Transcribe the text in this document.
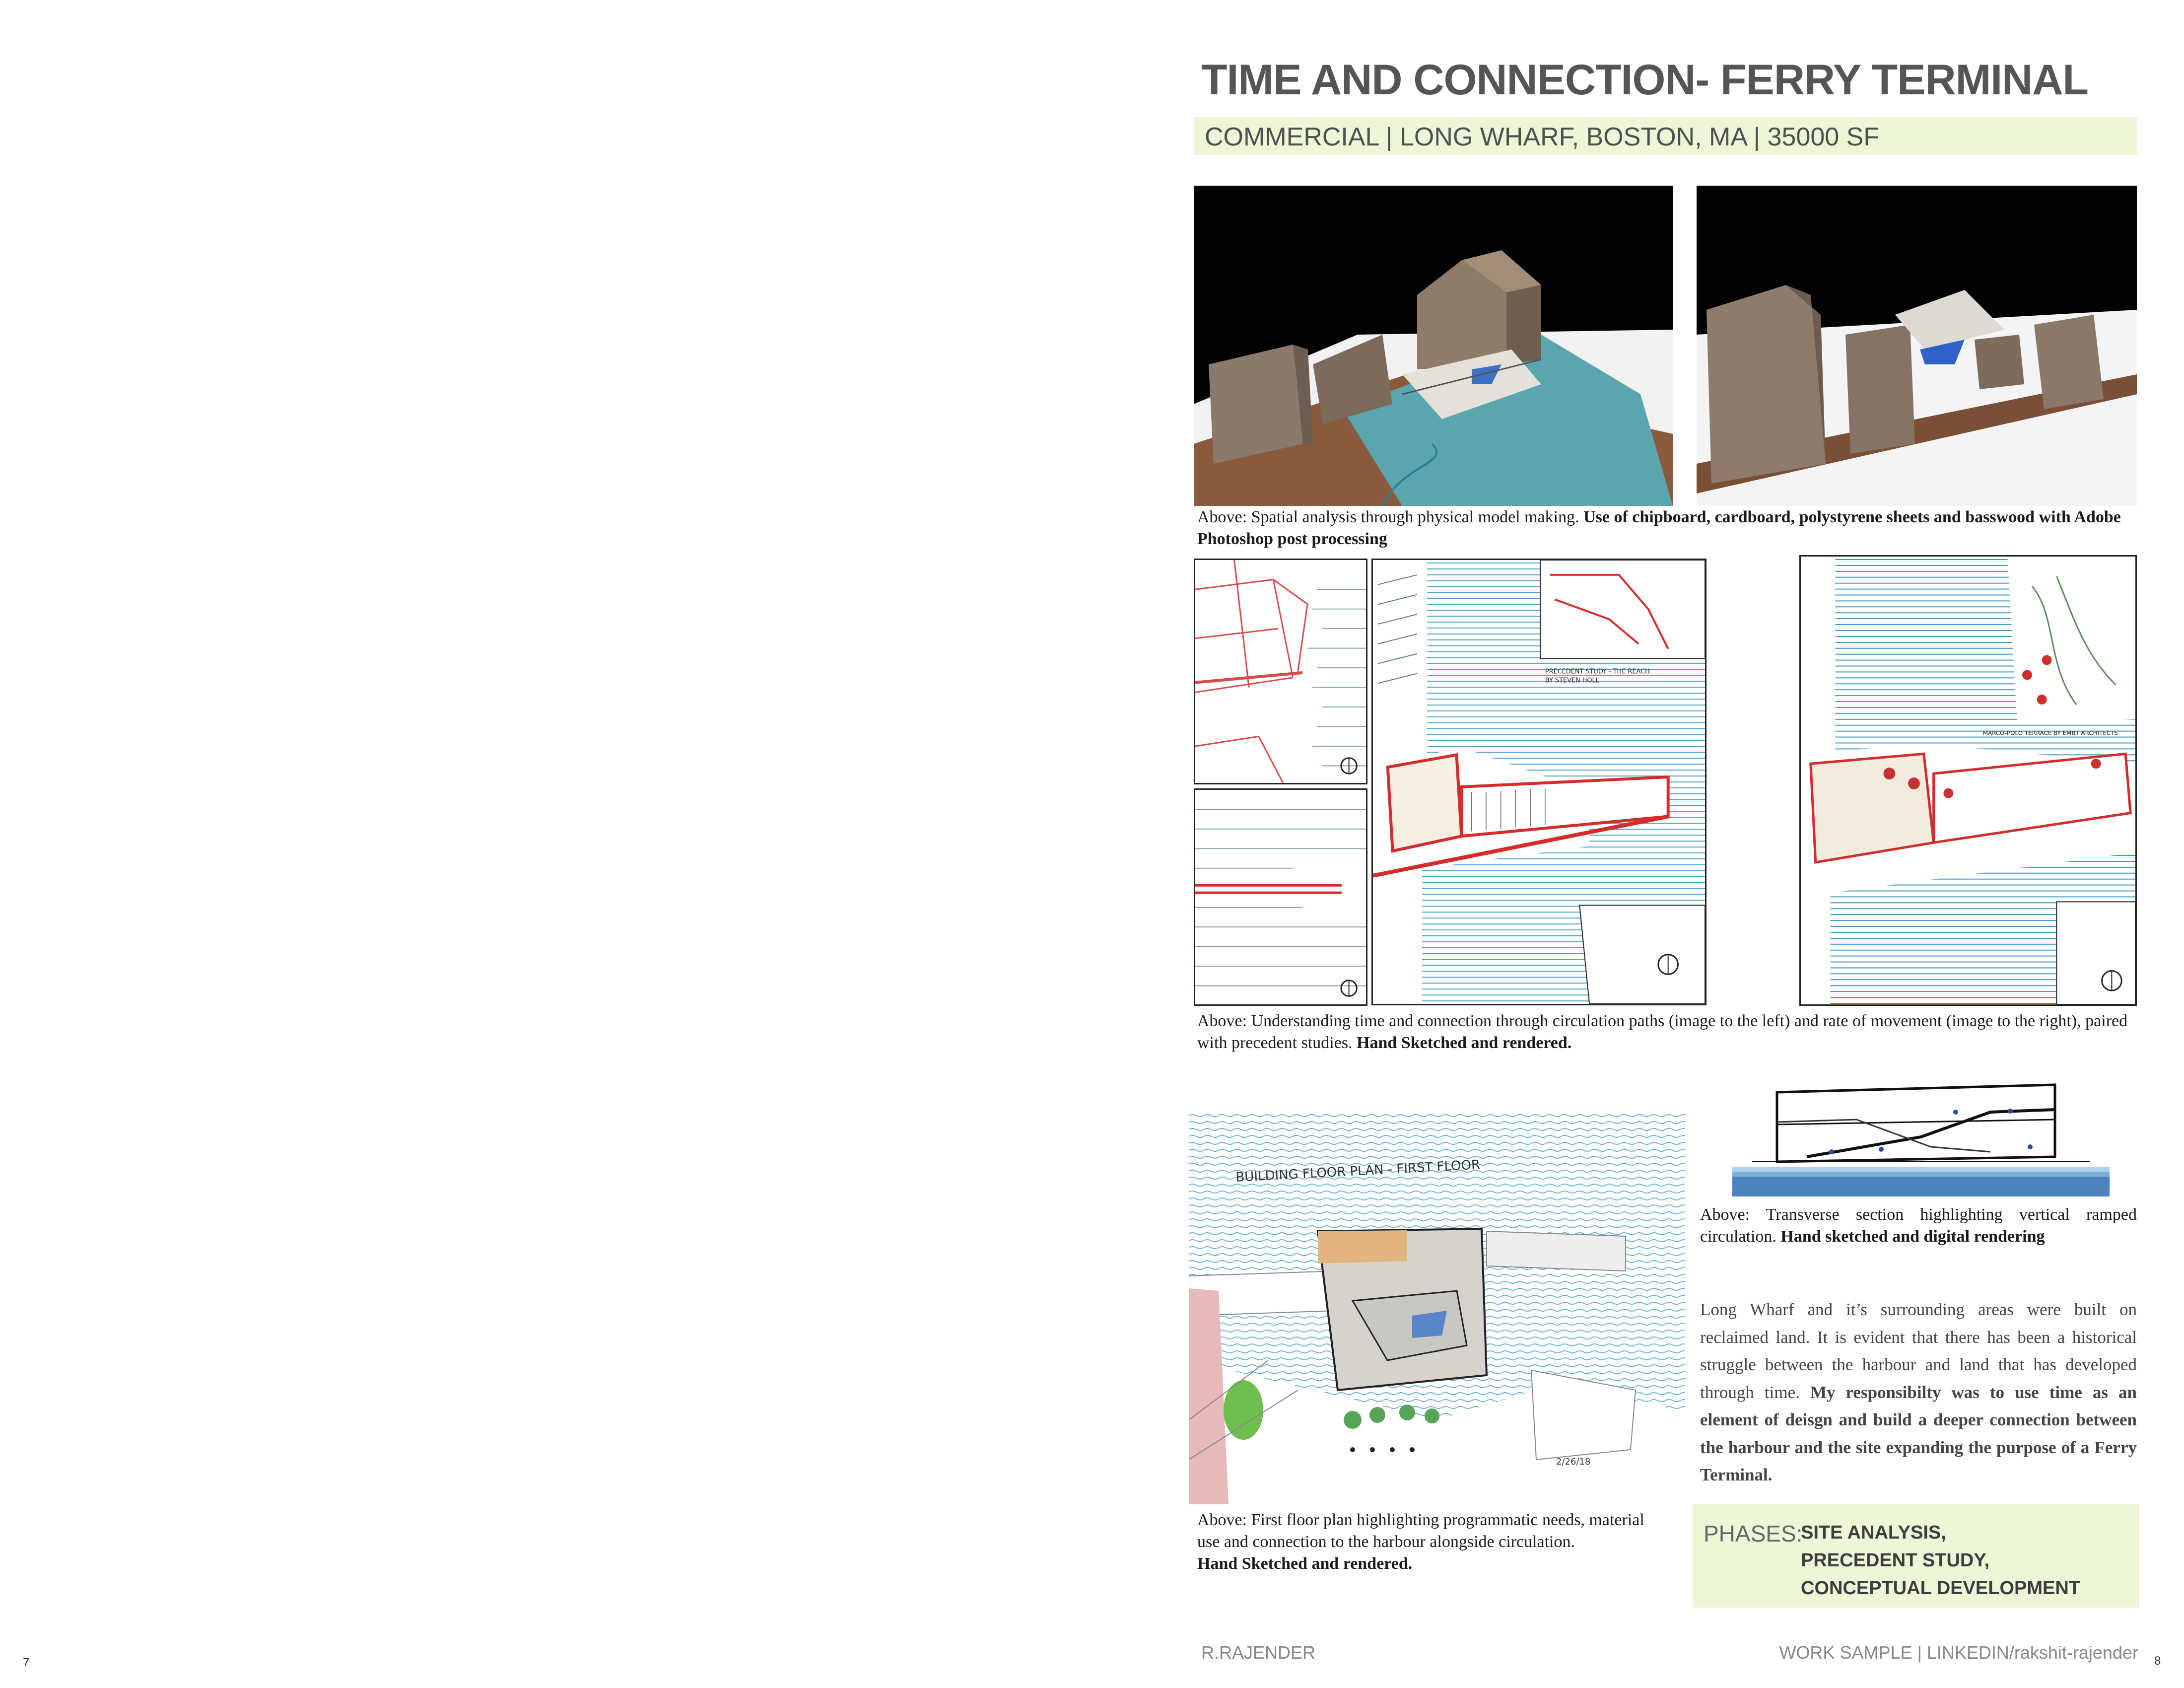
7	8
TIME AND CONNECTION- FERRY TERMINAL
COMMERCIAL | LONG WHARF, BOSTON, MA | 35000 SF
Above: Spatial analysis through physical model making. Use of chipboard, cardboard, polystyrene sheets and basswood with Adobe Photoshop post processing
PRECEDENT STUDY - THE REACH
BY STEVEN HOLL
MARCO-POLO TERRACE BY EMBT ARCHITECTS
Above: Understanding time and connection through circulation paths (image to the left) and rate of movement (image to the right), paired with precedent studies. Hand Sketched and rendered.
Above: Transverse section highlighting vertical ramped circulation. Hand sketched and digital rendering
BUILDING FLOOR PLAN - FIRST FLOOR
2/26/18
Above: First floor plan highlighting programmatic needs, material use and connection to the harbour alongside circulation.
Hand Sketched and rendered.
Long Wharf and it’s surrounding areas were built on reclaimed land. It is evident that there has been a historical struggle between the harbour and land that has developed through time. My responsibilty was to use time as an element of deisgn and build a deeper connection between the harbour and the site expanding the purpose of a Ferry Terminal.
PHASES:
SITE ANALYSIS,
PRECEDENT STUDY,
CONCEPTUAL DEVELOPMENT
R.RAJENDER	WORK SAMPLE | LINKEDIN/rakshit-rajender
